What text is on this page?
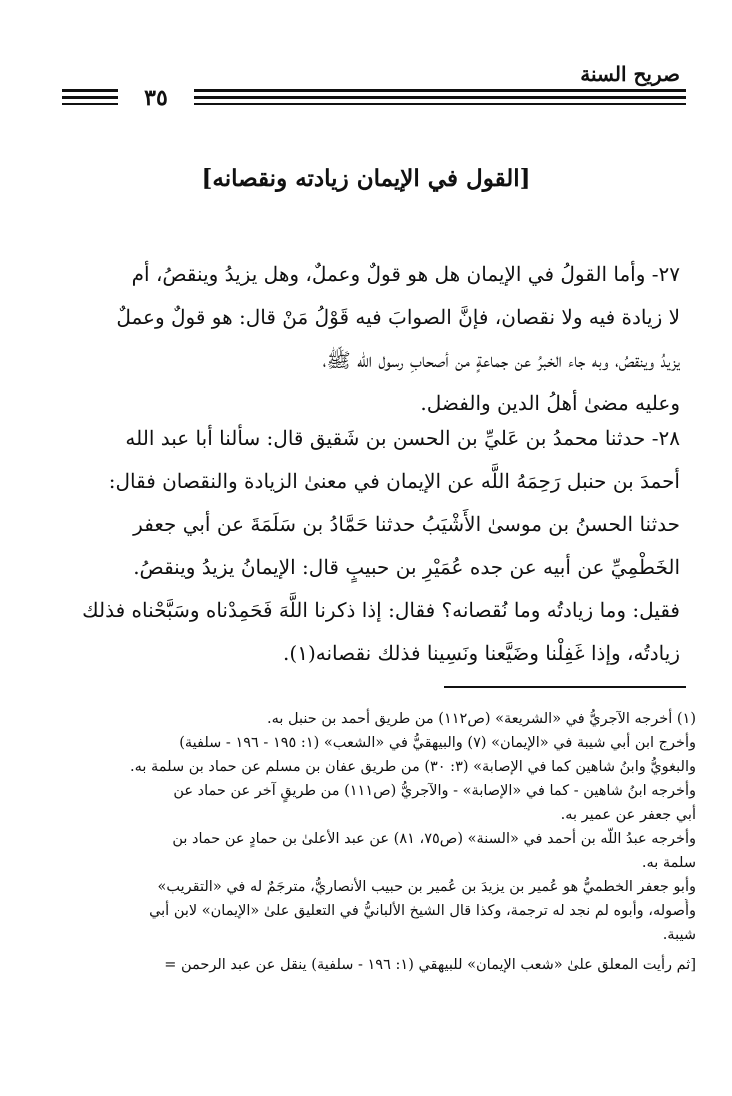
صريح السنة
٣٥
[القول في الإيمان زيادته ونقصانه]
٢٧- وأما القولُ في الإيمان هل هو قولٌ وعملٌ، وهل يزيدُ وينقصُ، أم
لا زيادة فيه ولا نقصان، فإنَّ الصوابَ فيه قَوْلُ مَنْ قال: هو قولٌ وعملٌ
يزيدُ وينقصُ، وبه جاء الخبرُ عن جماعةٍ من أصحابِ رسول الله ﷺ،
وعليه مضىٰ أهلُ الدين والفضل.
٢٨- حدثنا محمدُ بن عَليِّ بن الحسن بن شَقيق قال: سألنا أبا عبد الله
أحمدَ بن حنبل رَحِمَهُ اللَّه عن الإيمان في معنىٰ الزيادة والنقصان فقال:
حدثنا الحسنُ بن موسىٰ الأَشْيَبُ حدثنا حَمَّادُ بن سَلَمَةَ عن أبي جعفر
الخَطْمِيِّ عن أبيه عن جده عُمَيْرِ بن حبيبٍ قال: الإيمانُ يزيدُ وينقصُ.
فقيل: وما زيادتُه وما نُقصانه؟ فقال: إذا ذكرنا اللَّهَ فَحَمِدْناه وسَبَّحْناه فذلك
زيادتُه، وإذا غَفِلْنا وضَيَّعنا ونَسِينا فذلك نقصانه(١).
(١) أخرجه الآجريُّ في «الشريعة» (ص١١٢) من طريق أحمد بن حنبل به.
وأخرج ابن أبي شيبة في «الإيمان» (٧) والبيهقيُّ في «الشعب» (١: ١٩٥ - ١٩٦ - سلفية)
والبغويُّ وابنُ شاهين كما في الإصابة» (٣: ٣٠) من طريق عفان بن مسلم عن حماد بن سلمة به.
وأخرجه ابنُ شاهين - كما في «الإصابة» - والآجريُّ (ص١١١) من طريقٍ آخر عن حماد عن
أبي جعفر عن عمير به.
وأخرجه عبدُ اللَّه بن أحمد في «السنة» (ص٧٥، ٨١) عن عبد الأعلىٰ بن حمادٍ عن حماد بن
سلمة به.
وأبو جعفر الخطميُّ هو عُمير بن يزيدَ بن عُمير بن حبيب الأنصاريُّ، مترجَمٌ له في «التقريب»
وأُصوله، وأبوه لم نجد له ترجمة، وكذا قال الشيخ الألبانيُّ في التعليق علىٰ «الإيمان» لابن أبي
شيبة.
[ثم رأيت المعلق علىٰ «شعب الإيمان» للبيهقي (١: ١٩٦ - سلفية) ينقل عن عبد الرحمن =
